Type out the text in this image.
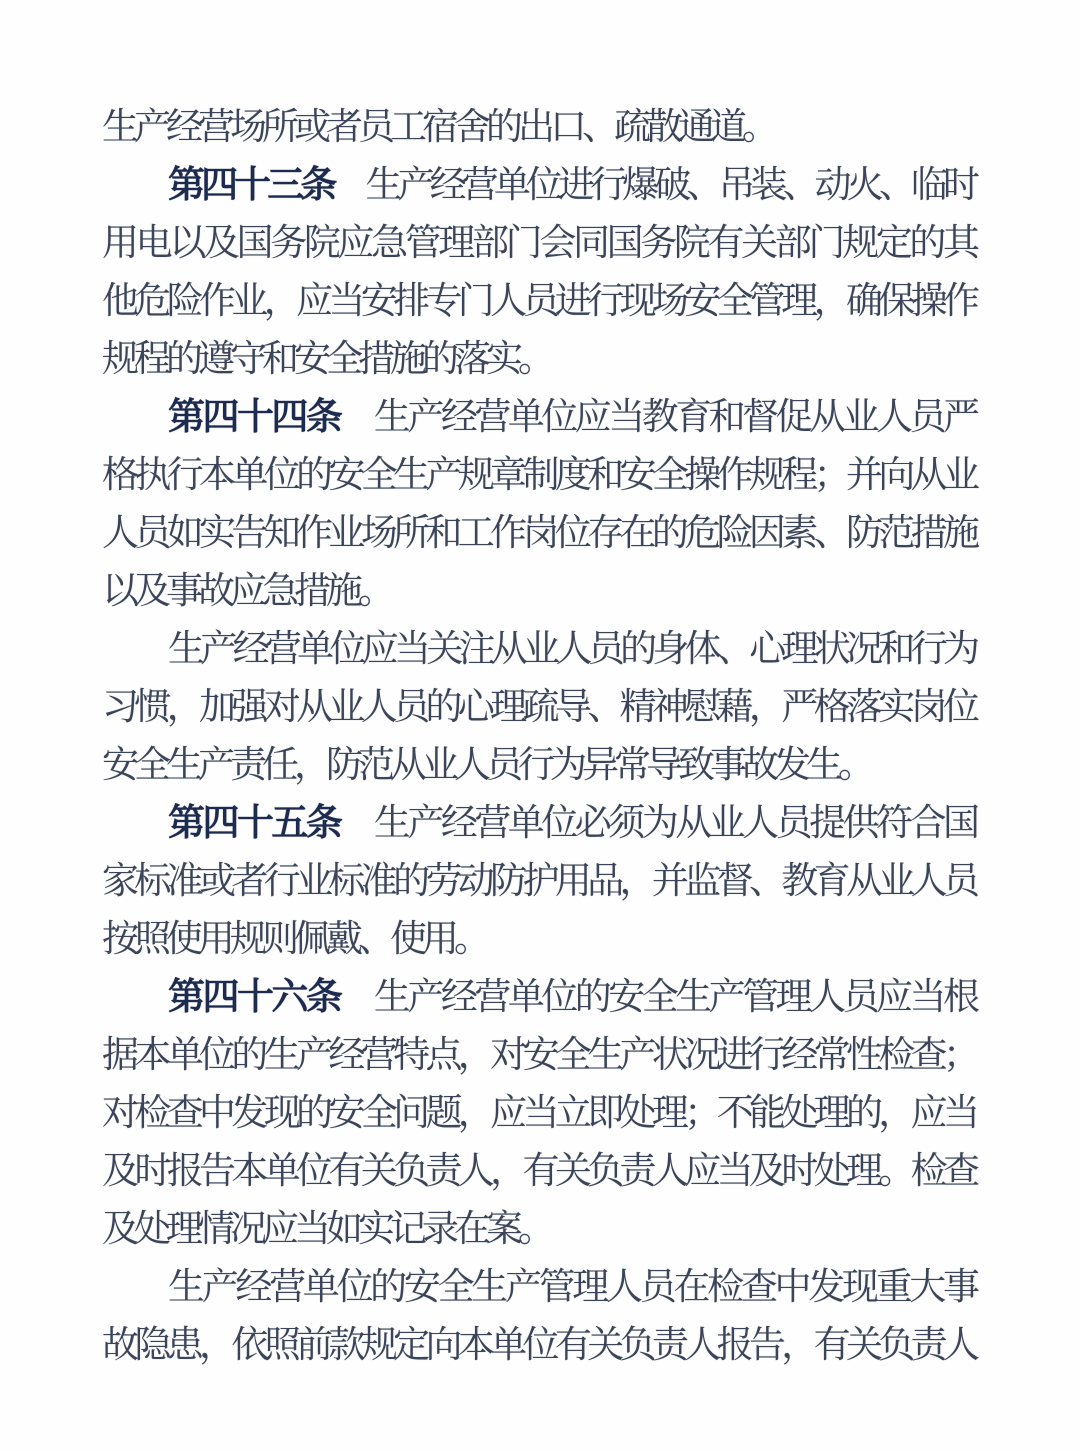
生产经营场所或者员工宿舍的出口、疏散通道。
第四十三条　生产经营单位进行爆破、吊装、动火、临时
用电以及国务院应急管理部门会同国务院有关部门规定的其
他危险作业，应当安排专门人员进行现场安全管理，确保操作
规程的遵守和安全措施的落实。
第四十四条　生产经营单位应当教育和督促从业人员严
格执行本单位的安全生产规章制度和安全操作规程；并向从业
人员如实告知作业场所和工作岗位存在的危险因素、防范措施
以及事故应急措施。
生产经营单位应当关注从业人员的身体、心理状况和行为
习惯，加强对从业人员的心理疏导、精神慰藉，严格落实岗位
安全生产责任，防范从业人员行为异常导致事故发生。
第四十五条　生产经营单位必须为从业人员提供符合国
家标准或者行业标准的劳动防护用品，并监督、教育从业人员
按照使用规则佩戴、使用。
第四十六条　生产经营单位的安全生产管理人员应当根
据本单位的生产经营特点，对安全生产状况进行经常性检查；
对检查中发现的安全问题，应当立即处理；不能处理的，应当
及时报告本单位有关负责人，有关负责人应当及时处理。检查
及处理情况应当如实记录在案。
生产经营单位的安全生产管理人员在检查中发现重大事
故隐患，依照前款规定向本单位有关负责人报告，有关负责人
